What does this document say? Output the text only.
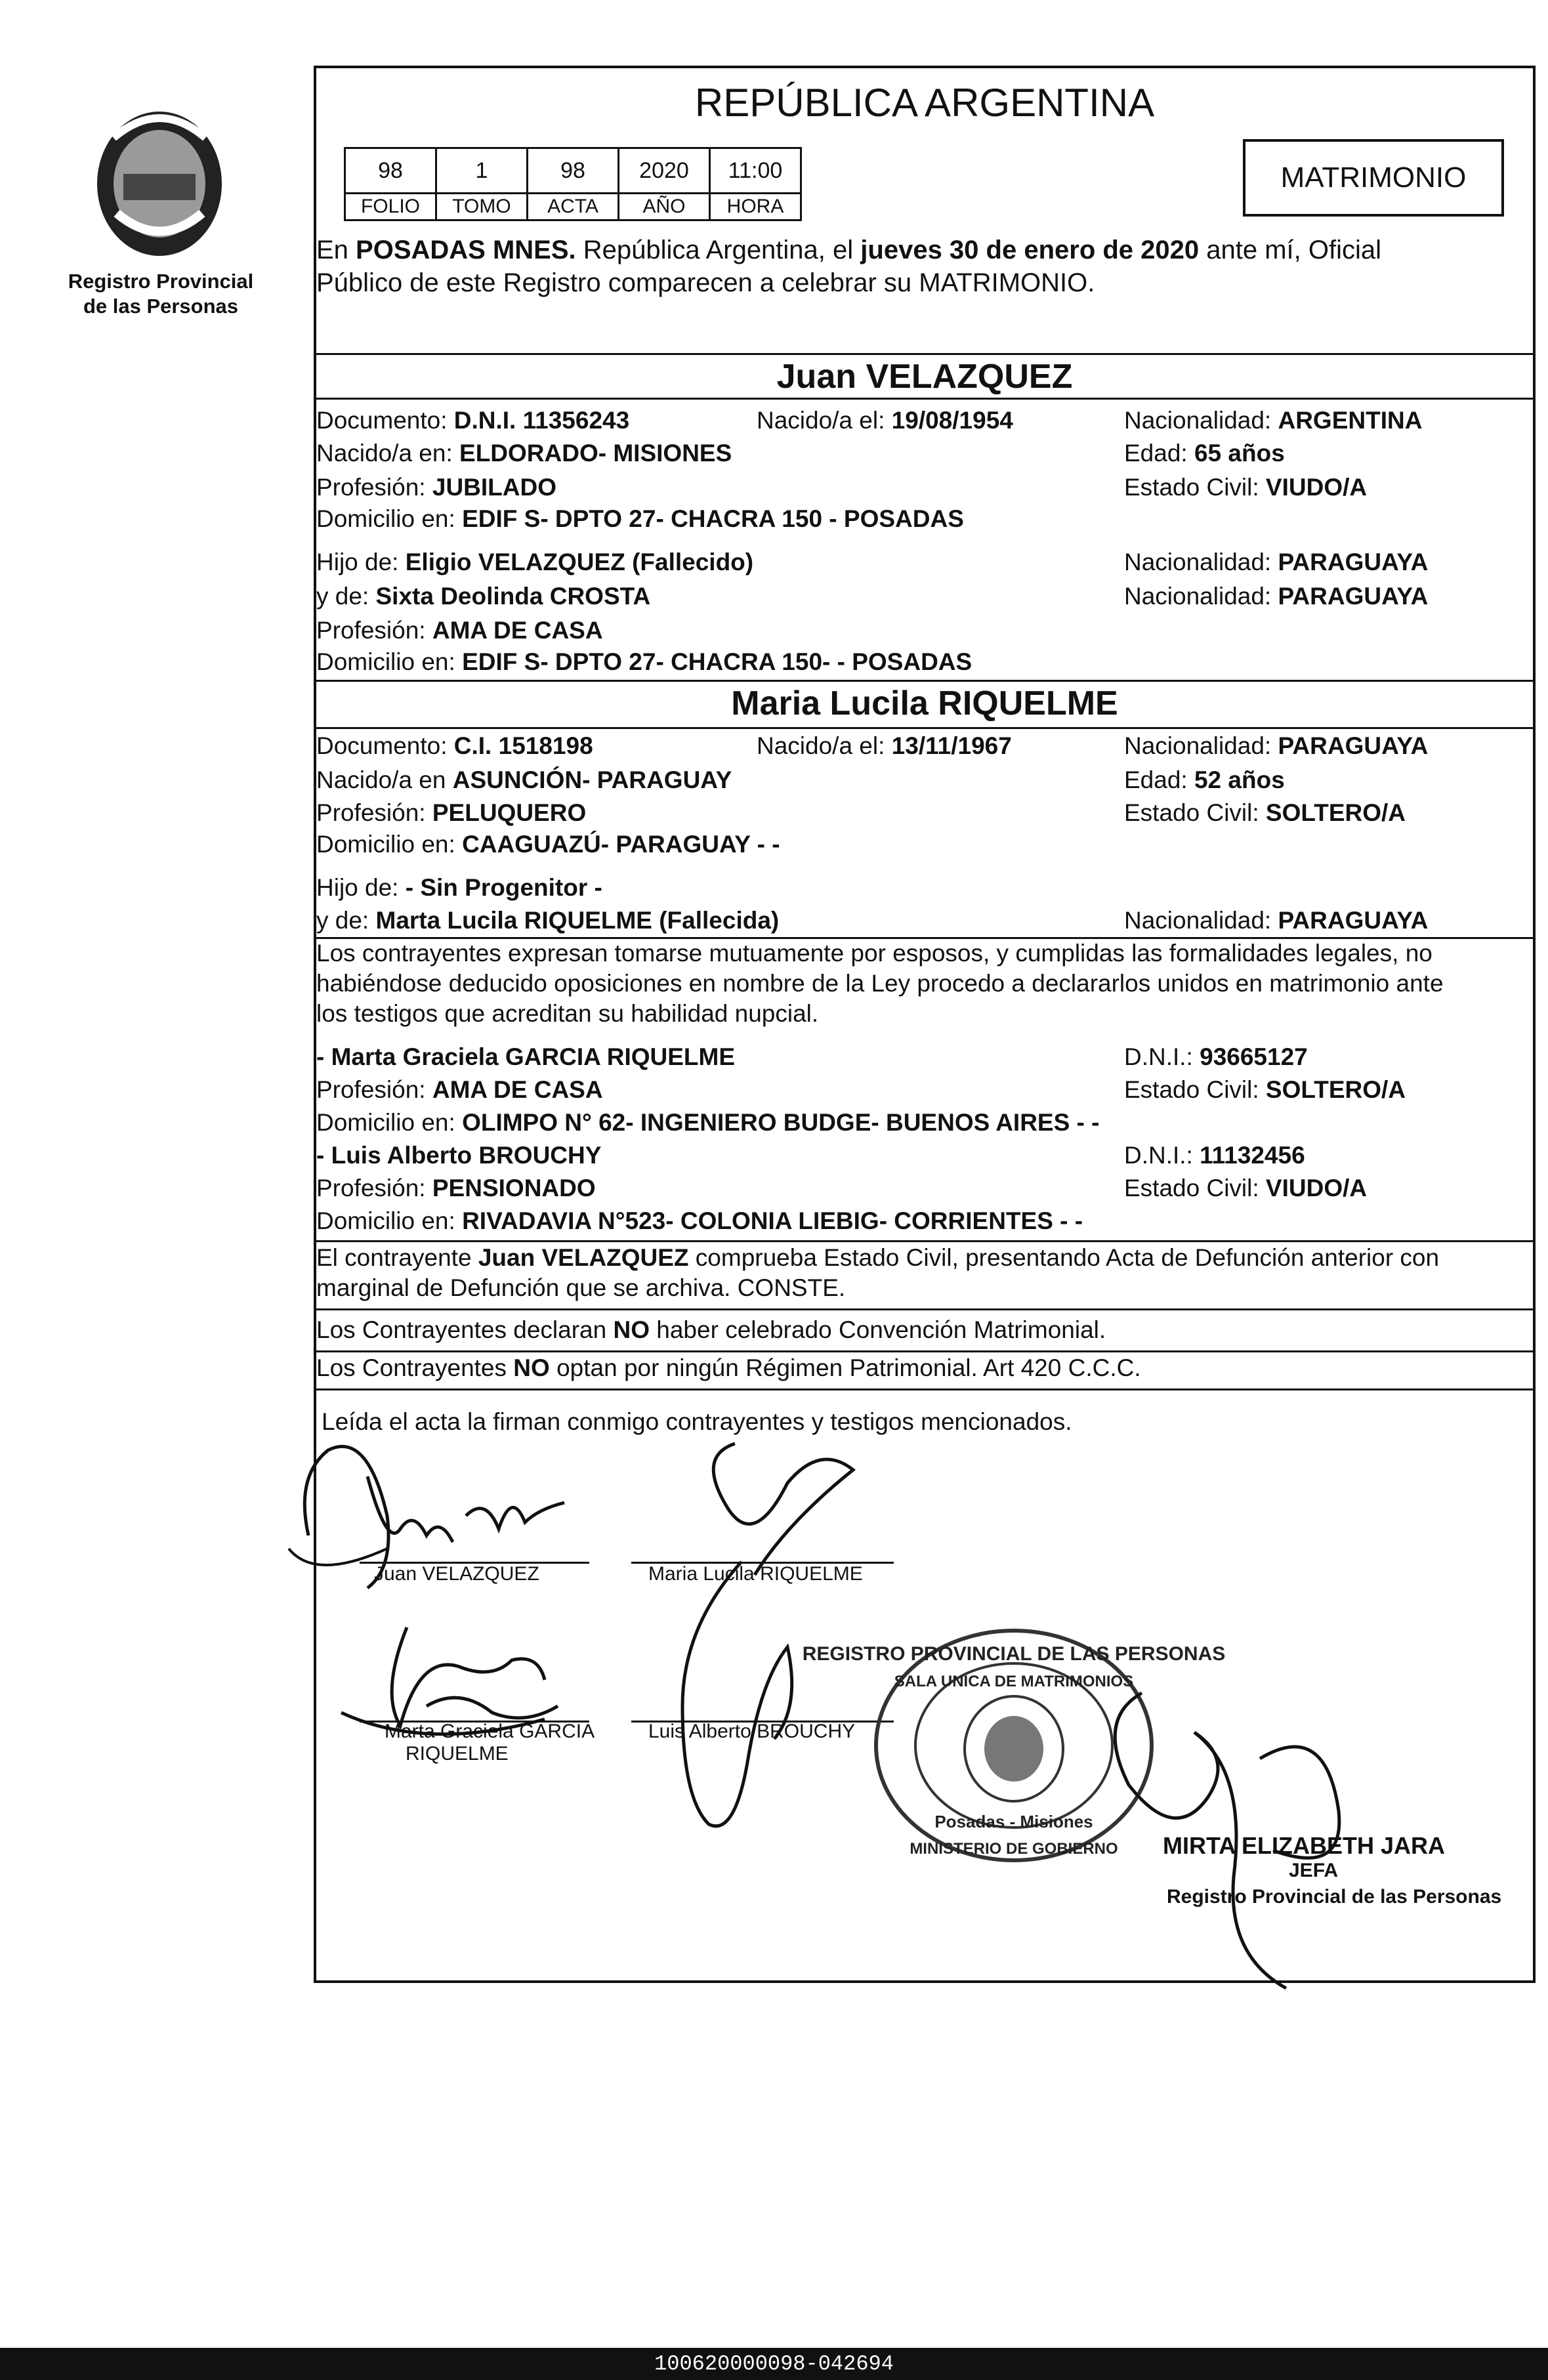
Registro Provincial
de las Personas
REPÚBLICA ARGENTINA
98	1	98	2020	11:00
FOLIO	TOMO	ACTA	AÑO	HORA
MATRIMONIO
En POSADAS MNES. República Argentina, el jueves 30 de enero de 2020 ante mí, Oficial
Público de este Registro comparecen a celebrar su MATRIMONIO.
Juan VELAZQUEZ
Documento: D.N.I. 11356243	Nacido/a el: 19/08/1954	Nacionalidad: ARGENTINA
Nacido/a en: ELDORADO- MISIONES	Edad: 65 años
Profesión: JUBILADO	Estado Civil: VIUDO/A
Domicilio en: EDIF S- DPTO 27- CHACRA 150 - POSADAS
Hijo de: Eligio VELAZQUEZ (Fallecido)	Nacionalidad: PARAGUAYA
y de: Sixta Deolinda CROSTA	Nacionalidad: PARAGUAYA
Profesión: AMA DE CASA
Domicilio en: EDIF S- DPTO 27- CHACRA 150- - POSADAS
Maria Lucila RIQUELME
Documento: C.I. 1518198	Nacido/a el: 13/11/1967	Nacionalidad: PARAGUAYA
Nacido/a en ASUNCIÓN- PARAGUAY	Edad: 52 años
Profesión: PELUQUERO	Estado Civil: SOLTERO/A
Domicilio en: CAAGUAZÚ- PARAGUAY - -
Hijo de: - Sin Progenitor -
y de: Marta Lucila RIQUELME (Fallecida)	Nacionalidad: PARAGUAYA
Los contrayentes expresan tomarse mutuamente por esposos, y cumplidas las formalidades legales, no
habiéndose deducido oposiciones en nombre de la Ley procedo a declararlos unidos en matrimonio ante
los testigos que acreditan su habilidad nupcial.
- Marta Graciela GARCIA RIQUELME	D.N.I.: 93665127
Profesión: AMA DE CASA	Estado Civil: SOLTERO/A
Domicilio en: OLIMPO N° 62- INGENIERO BUDGE- BUENOS AIRES - -
- Luis Alberto BROUCHY	D.N.I.: 11132456
Profesión: PENSIONADO	Estado Civil: VIUDO/A
Domicilio en: RIVADAVIA N°523- COLONIA LIEBIG- CORRIENTES - -
El contrayente Juan VELAZQUEZ comprueba Estado Civil, presentando Acta de Defunción anterior con
marginal de Defunción que se archiva. CONSTE.
Los Contrayentes declaran NO haber celebrado Convención Matrimonial.
Los Contrayentes NO optan por ningún Régimen Patrimonial. Art 420 C.C.C.
Leída el acta la firman conmigo contrayentes y testigos mencionados.
Juan VELAZQUEZ	Maria Lucila RIQUELME
Marta Graciela GARCIA
RIQUELME
Luis Alberto BROUCHY
REGISTRO PROVINCIAL DE LAS PERSONAS
SALA UNICA DE MATRIMONIOS
Posadas - Misiones
MINISTERIO DE GOBIERNO MIRTA ELIZABETH JARA
JEFA
Registro Provincial de las Personas
100620000098-042694
